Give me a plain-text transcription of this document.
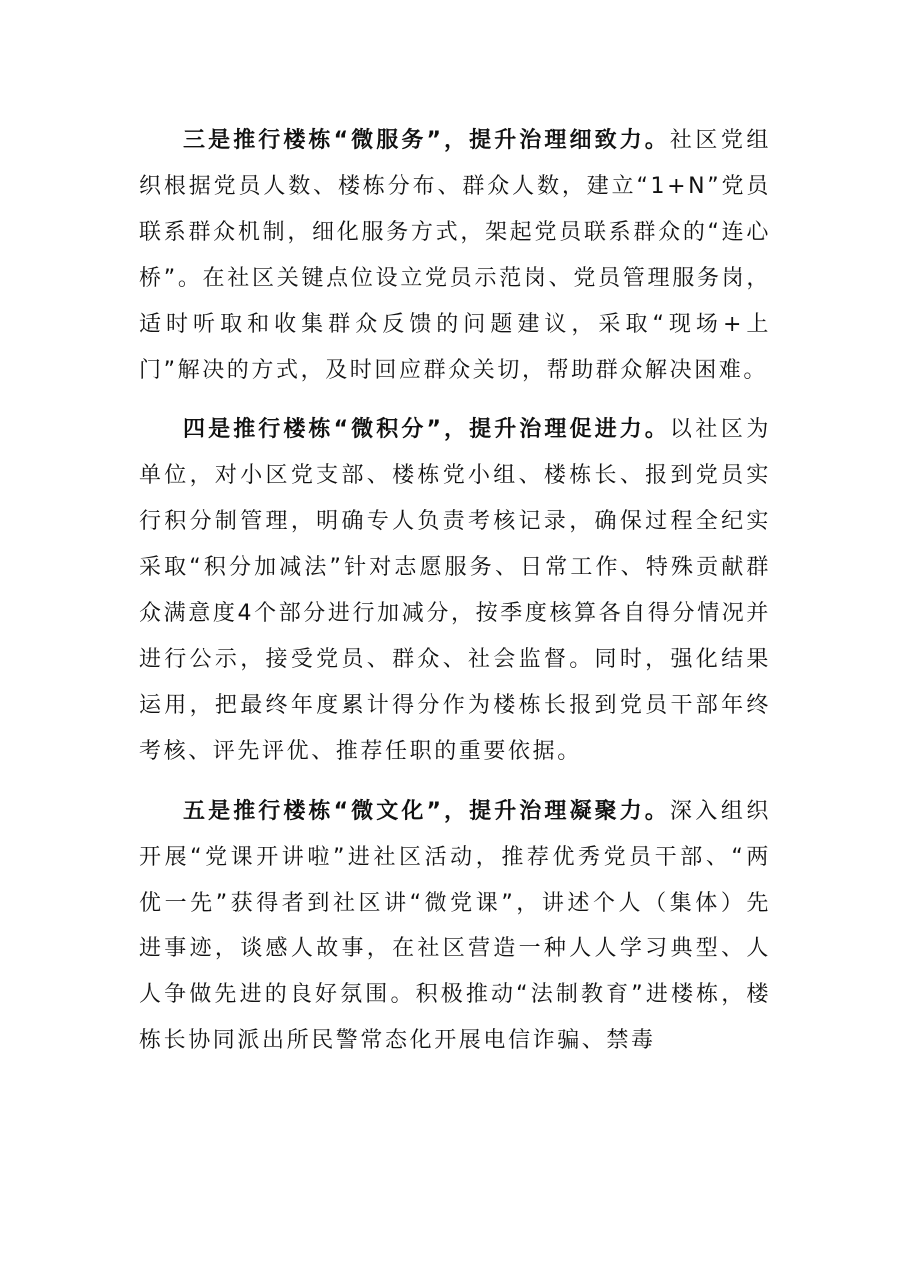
三是推行楼栋“微服务”，提升治理细致力。社区党组织根据党员人数、楼栋分布、群众人数，建立“1+N”党员联系群众机制，细化服务方式，架起党员联系群众的“连心桥”。在社区关键点位设立党员示范岗、党员管理服务岗，适时听取和收集群众反馈的问题建议，采取“现场+上门”解决的方式，及时回应群众关切，帮助群众解决困难。

四是推行楼栋“微积分”，提升治理促进力。以社区为单位，对小区党支部、楼栋党小组、楼栋长、报到党员实行积分制管理，明确专人负责考核记录，确保过程全纪实采取“积分加减法”针对志愿服务、日常工作、特殊贡献群众满意度4个部分进行加减分，按季度核算各自得分情况并进行公示，接受党员、群众、社会监督。同时，强化结果运用，把最终年度累计得分作为楼栋长报到党员干部年终考核、评先评优、推荐任职的重要依据。

五是推行楼栋“微文化”，提升治理凝聚力。深入组织开展“党课开讲啦”进社区活动，推荐优秀党员干部、“两优一先”获得者到社区讲“微党课”，讲述个人（集体）先进事迹，谈感人故事，在社区营造一种人人学习典型、人人争做先进的良好氛围。积极推动“法制教育”进楼栋，楼栋长协同派出所民警常态化开展电信诈骗、禁毒
